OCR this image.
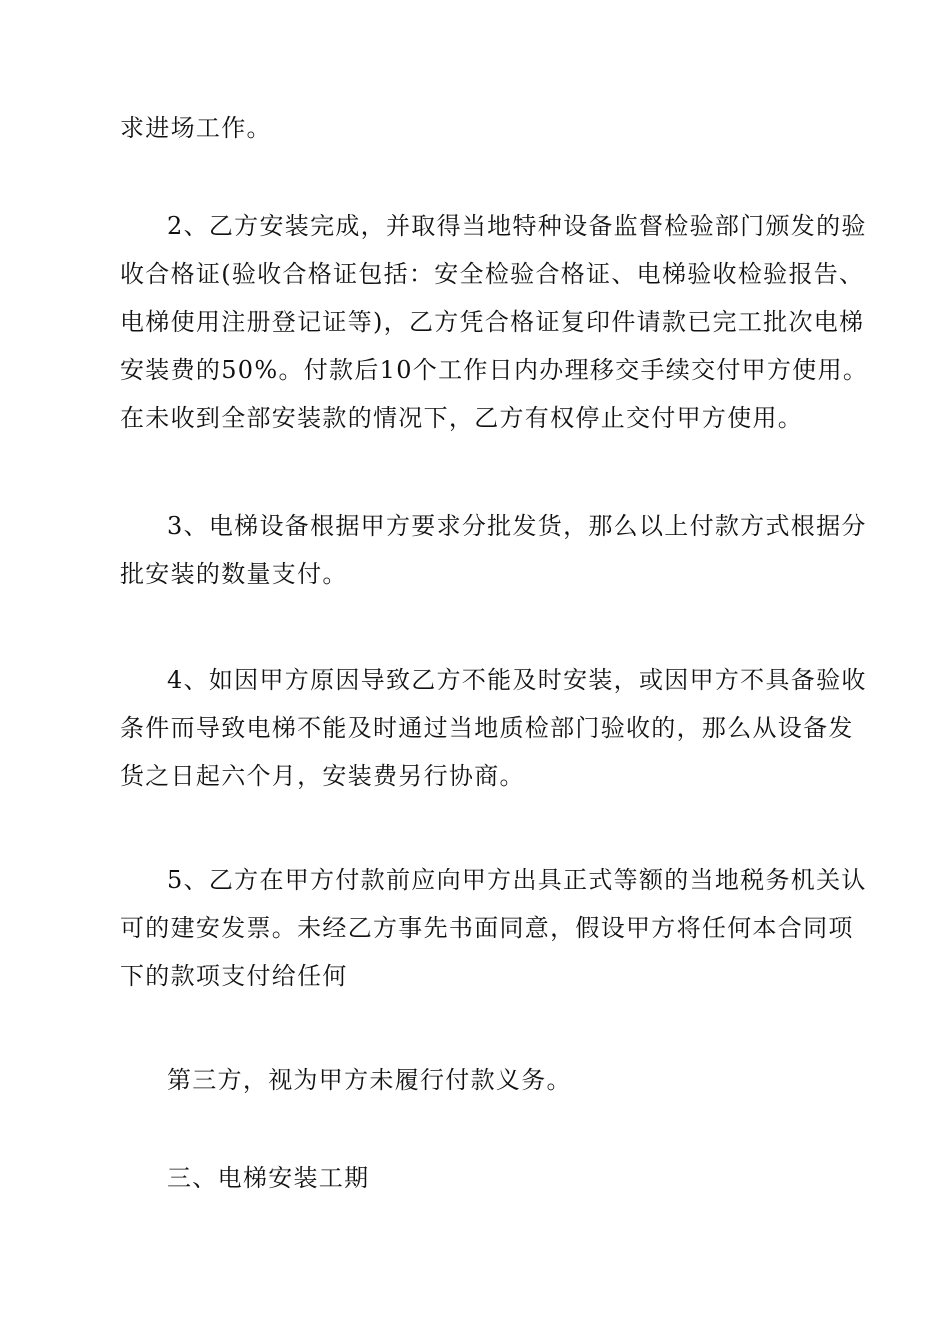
求进场工作。
2、乙方安装完成，并取得当地特种设备监督检验部门颁发的验
收合格证(验收合格证包括：安全检验合格证、电梯验收检验报告、
电梯使用注册登记证等)，乙方凭合格证复印件请款已完工批次电梯
安装费的50%。付款后10个工作日内办理移交手续交付甲方使用。
在未收到全部安装款的情况下，乙方有权停止交付甲方使用。
3、电梯设备根据甲方要求分批发货，那么以上付款方式根据分
批安装的数量支付。
4、如因甲方原因导致乙方不能及时安装，或因甲方不具备验收
条件而导致电梯不能及时通过当地质检部门验收的，那么从设备发
货之日起六个月，安装费另行协商。
5、乙方在甲方付款前应向甲方出具正式等额的当地税务机关认
可的建安发票。未经乙方事先书面同意，假设甲方将任何本合同项
下的款项支付给任何
第三方，视为甲方未履行付款义务。
三、电梯安装工期
